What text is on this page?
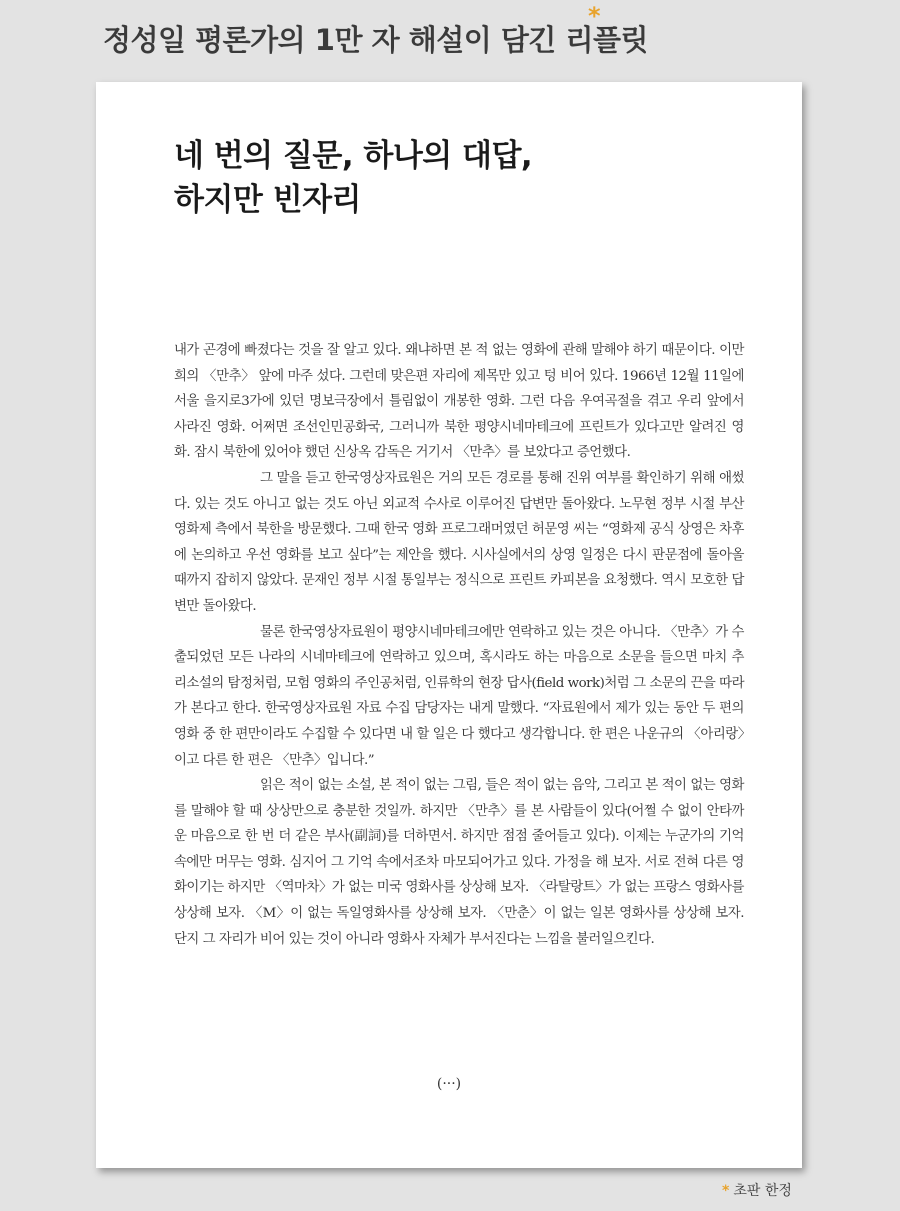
정성일 평론가의 1만 자 해설이 담긴 리플릿
*
네 번의 질문, 하나의 대답,
하지만 빈자리

내가 곤경에 빠졌다는 것을 잘 알고 있다. 왜냐하면 본 적 없는 영화에 관해 말해야 하기 때문이다. 이만희의 〈만추〉 앞에 마주 섰다. 그런데 맞은편 자리에 제목만 있고 텅 비어 있다. 1966년 12월 11일에 서울 을지로3가에 있던 명보극장에서 틀림없이 개봉한 영화. 그런 다음 우여곡절을 겪고 우리 앞에서 사라진 영화. 어쩌면 조선인민공화국, 그러니까 북한 평양시네마테크에 프린트가 있다고만 알려진 영화. 잠시 북한에 있어야 했던 신상옥 감독은 거기서 〈만추〉를 보았다고 증언했다.

그 말을 듣고 한국영상자료원은 거의 모든 경로를 통해 진위 여부를 확인하기 위해 애썼다. 있는 것도 아니고 없는 것도 아닌 외교적 수사로 이루어진 답변만 돌아왔다. 노무현 정부 시절 부산영화제 측에서 북한을 방문했다. 그때 한국 영화 프로그래머였던 허문영 씨는 “영화제 공식 상영은 차후에 논의하고 우선 영화를 보고 싶다”는 제안을 했다. 시사실에서의 상영 일정은 다시 판문점에 돌아올 때까지 잡히지 않았다. 문재인 정부 시절 통일부는 정식으로 프린트 카피본을 요청했다. 역시 모호한 답변만 돌아왔다.

물론 한국영상자료원이 평양시네마테크에만 연락하고 있는 것은 아니다. 〈만추〉가 수출되었던 모든 나라의 시네마테크에 연락하고 있으며, 혹시라도 하는 마음으로 소문을 들으면 마치 추리소설의 탐정처럼, 모험 영화의 주인공처럼, 인류학의 현장 답사(field work)처럼 그 소문의 끈을 따라가 본다고 한다. 한국영상자료원 자료 수집 담당자는 내게 말했다. “자료원에서 제가 있는 동안 두 편의 영화 중 한 편만이라도 수집할 수 있다면 내 할 일은 다 했다고 생각합니다. 한 편은 나운규의 〈아리랑〉이고 다른 한 편은 〈만추〉입니다.”

읽은 적이 없는 소설, 본 적이 없는 그림, 들은 적이 없는 음악, 그리고 본 적이 없는 영화를 말해야 할 때 상상만으로 충분한 것일까. 하지만 〈만추〉를 본 사람들이 있다(어쩔 수 없이 안타까운 마음으로 한 번 더 같은 부사(副詞)를 더하면서. 하지만 점점 줄어들고 있다). 이제는 누군가의 기억 속에만 머무는 영화. 심지어 그 기억 속에서조차 마모되어가고 있다. 가정을 해 보자. 서로 전혀 다른 영화이기는 하지만 〈역마차〉가 없는 미국 영화사를 상상해 보자. 〈라탈랑트〉가 없는 프랑스 영화사를 상상해 보자. 〈M〉이 없는 독일영화사를 상상해 보자. 〈만춘〉이 없는 일본 영화사를 상상해 보자. 단지 그 자리가 비어 있는 것이 아니라 영화사 자체가 부서진다는 느낌을 불러일으킨다.

(···)
* 초판 한정
